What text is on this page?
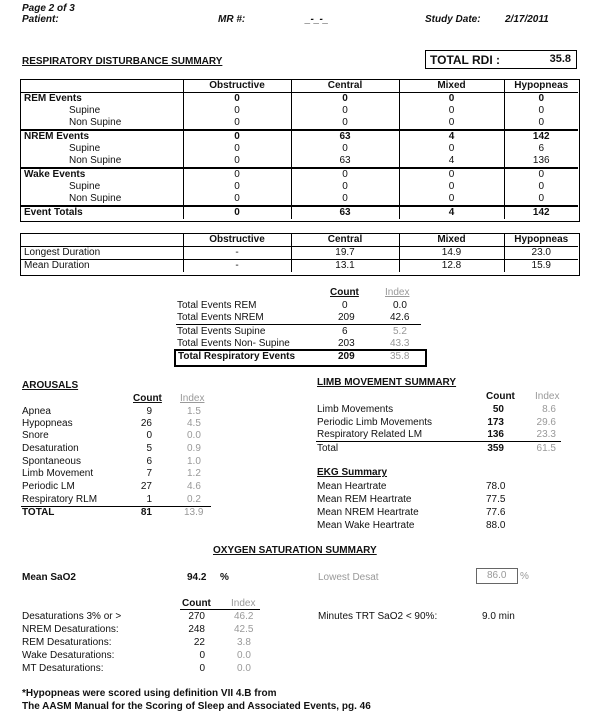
Page 2 of 3
Patient:	MR #:	_-_-_	Study Date: 2/17/2011
RESPIRATORY DISTURBANCE SUMMARY	TOTAL RDI :	35.8
	Obstructive	Central	Mixed	Hypopneas
REM Events	0	0	0	0
Supine	0	0	0	0
Non Supine	0	0	0	0
NREM Events	0	63	4	142
Supine	0	0	0	6
Non Supine	0	63	4	136
Wake Events	0	0	0	0
Supine	0	0	0	0
Non Supine	0	0	0	0
Event Totals	0	63	4	142
	Obstructive	Central	Mixed	Hypopneas
Longest Duration	-	19.7	14.9	23.0
Mean Duration	-	13.1	12.8	15.9
Count	Index
Total Events REM	0	0.0
Total Events NREM	209	42.6
Total Events Supine	6	5.2
Total Events Non- Supine	203	43.3
Total Respiratory Events	209	35.8
AROUSALS
Count Index
Apnea	9	1.5
Hypopneas	26	4.5
Snore	0	0.0
Desaturation	5	0.9
Spontaneous	6	1.0
Limb Movement	7	1.2
Periodic LM	27	4.6
Respiratory RLM	1	0.2
TOTAL	81	13.9
LIMB MOVEMENT SUMMARY
Count Index
Limb Movements	50	8.6
Periodic Limb Movements	173	29.6
Respiratory Related LM	136	23.3
Total	359	61.5
EKG Summary
Mean Heartrate	78.0
Mean REM Heartrate	77.5
Mean NREM Heartrate	77.6
Mean Wake Heartrate	88.0
OXYGEN SATURATION SUMMARY
Mean SaO2	94.2 %	Lowest Desat	86.0 %
Count Index
Desaturations 3% or >	270	46.2
NREM Desaturations:	248	42.5
REM Desaturations:	22	3.8
Wake Desaturations:	0	0.0
MT Desaturations:	0	0.0
Minutes TRT SaO2 < 90%:	9.0 min
*Hypopneas were scored using definition VII 4.B from
The AASM Manual for the Scoring of Sleep and Associated Events, pg. 46
